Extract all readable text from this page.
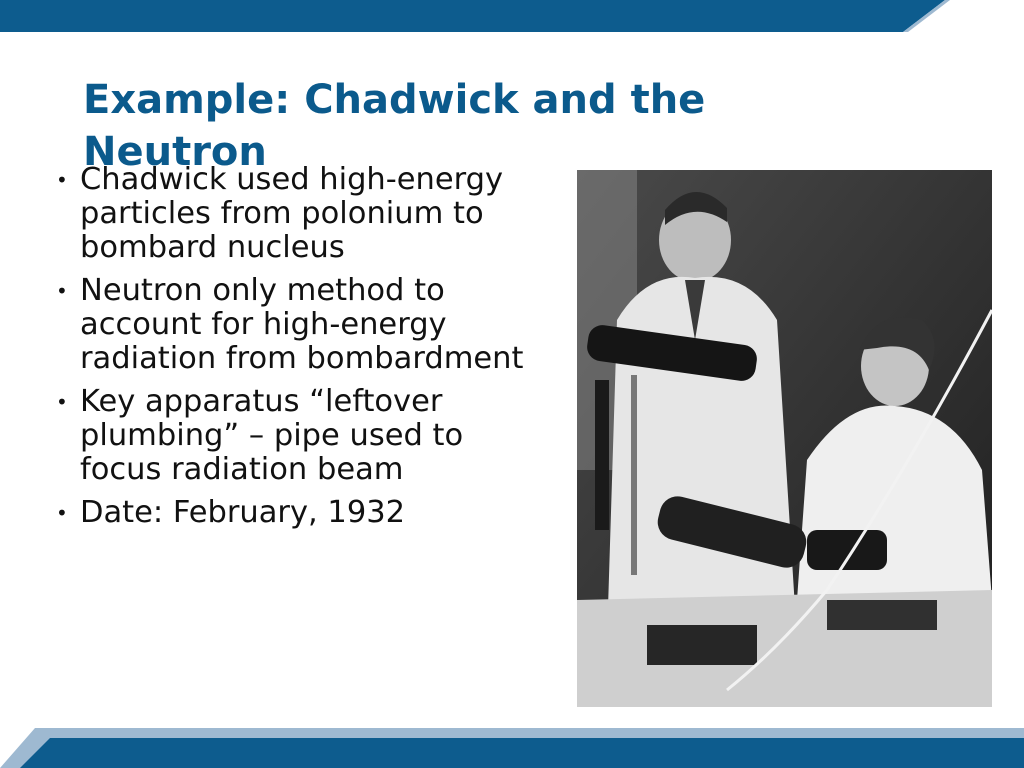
Example: Chadwick and the Neutron
• Chadwick used high-energy particles from polonium to bombard nucleus
• Neutron only method to account for high-energy radiation from bombardment
• Key apparatus “leftover plumbing” – pipe used to focus radiation beam
• Date: February, 1932
